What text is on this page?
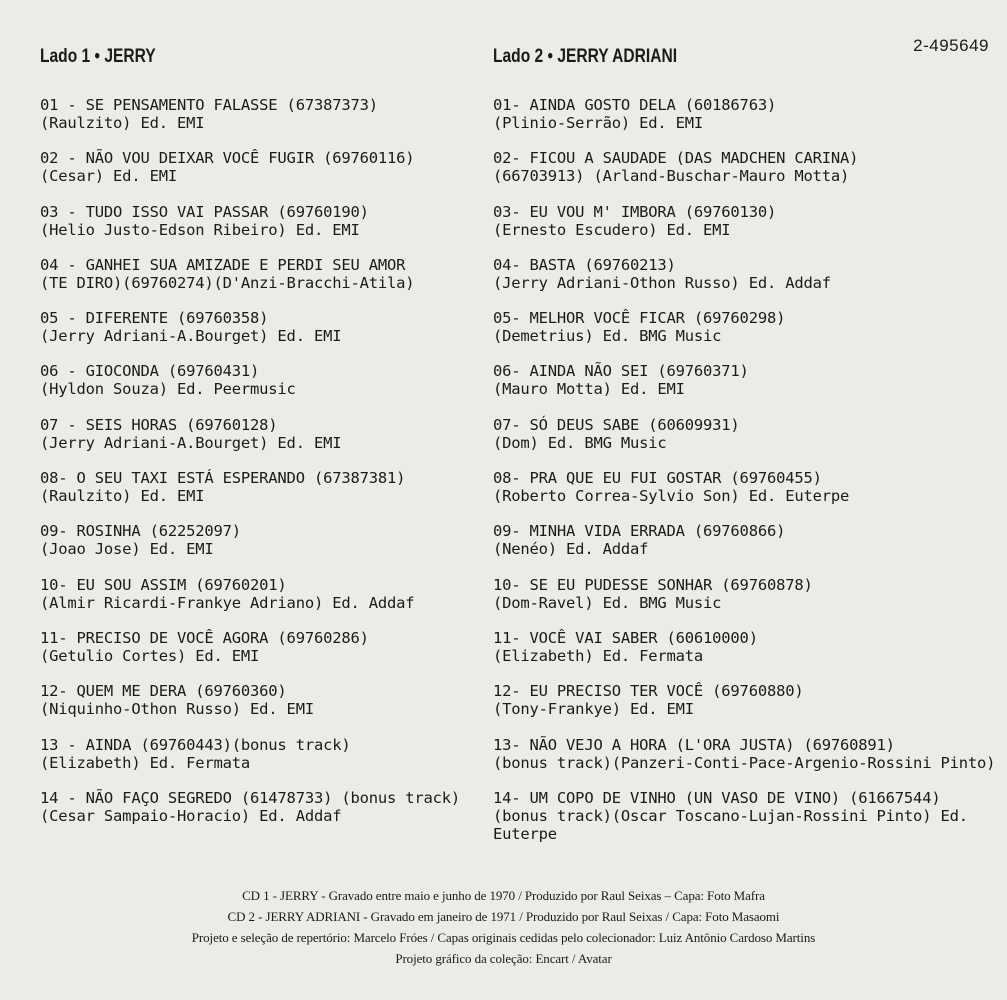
2-495649
Lado 1 • JERRY
01 - SE PENSAMENTO FALASSE (67387373)
(Raulzito) Ed. EMI
02 - NÃO VOU DEIXAR VOCÊ FUGIR (69760116)
(Cesar) Ed. EMI
03 - TUDO ISSO VAI PASSAR (69760190)
(Helio Justo-Edson Ribeiro) Ed. EMI
04 - GANHEI SUA AMIZADE E PERDI SEU AMOR
(TE DIRO)(69760274)(D'Anzi-Bracchi-Atila)
05 - DIFERENTE (69760358)
(Jerry Adriani-A.Bourget) Ed. EMI
06 - GIOCONDA (69760431)
(Hyldon Souza) Ed. Peermusic
07 - SEIS HORAS (69760128)
(Jerry Adriani-A.Bourget) Ed. EMI
08- O SEU TAXI ESTÁ ESPERANDO (67387381)
(Raulzito) Ed. EMI
09- ROSINHA (62252097)
(Joao Jose) Ed. EMI
10- EU SOU ASSIM (69760201)
(Almir Ricardi-Frankye Adriano) Ed. Addaf
11- PRECISO DE VOCÊ AGORA (69760286)
(Getulio Cortes) Ed. EMI
12- QUEM ME DERA (69760360)
(Niquinho-Othon Russo) Ed. EMI
13 - AINDA (69760443)(bonus track)
(Elizabeth) Ed. Fermata
14 - NÃO FAÇO SEGREDO (61478733) (bonus track)
(Cesar Sampaio-Horacio) Ed. Addaf
Lado 2 • JERRY ADRIANI
01- AINDA GOSTO DELA (60186763)
(Plinio-Serrão) Ed. EMI
02- FICOU A SAUDADE (DAS MADCHEN CARINA)
(66703913) (Arland-Buschar-Mauro Motta)
03- EU VOU M' IMBORA (69760130)
(Ernesto Escudero) Ed. EMI
04- BASTA (69760213)
(Jerry Adriani-Othon Russo) Ed. Addaf
05- MELHOR VOCÊ FICAR (69760298)
(Demetrius) Ed. BMG Music
06- AINDA NÃO SEI (69760371)
(Mauro Motta) Ed. EMI
07- SÓ DEUS SABE (60609931)
(Dom) Ed. BMG Music
08- PRA QUE EU FUI GOSTAR (69760455)
(Roberto Correa-Sylvio Son) Ed. Euterpe
09- MINHA VIDA ERRADA (69760866)
(Nenéo) Ed. Addaf
10- SE EU PUDESSE SONHAR (69760878)
(Dom-Ravel) Ed. BMG Music
11- VOCÊ VAI SABER (60610000)
(Elizabeth) Ed. Fermata
12- EU PRECISO TER VOCÊ (69760880)
(Tony-Frankye) Ed. EMI
13- NÃO VEJO A HORA (L'ORA JUSTA) (69760891)
(bonus track)(Panzeri-Conti-Pace-Argenio-Rossini Pinto)
14- UM COPO DE VINHO (UN VASO DE VINO) (61667544)
(bonus track)(Oscar Toscano-Lujan-Rossini Pinto) Ed.
Euterpe
CD 1 - JERRY - Gravado entre maio e junho de 1970 / Produzido por Raul Seixas – Capa: Foto Mafra
CD 2 - JERRY ADRIANI - Gravado em janeiro de 1971 / Produzido por Raul Seixas / Capa: Foto Masaomi
Projeto e seleção de repertório: Marcelo Fróes / Capas originais cedidas pelo colecionador: Luiz Antônio Cardoso Martins
Projeto gráfico da coleção: Encart / Avatar
